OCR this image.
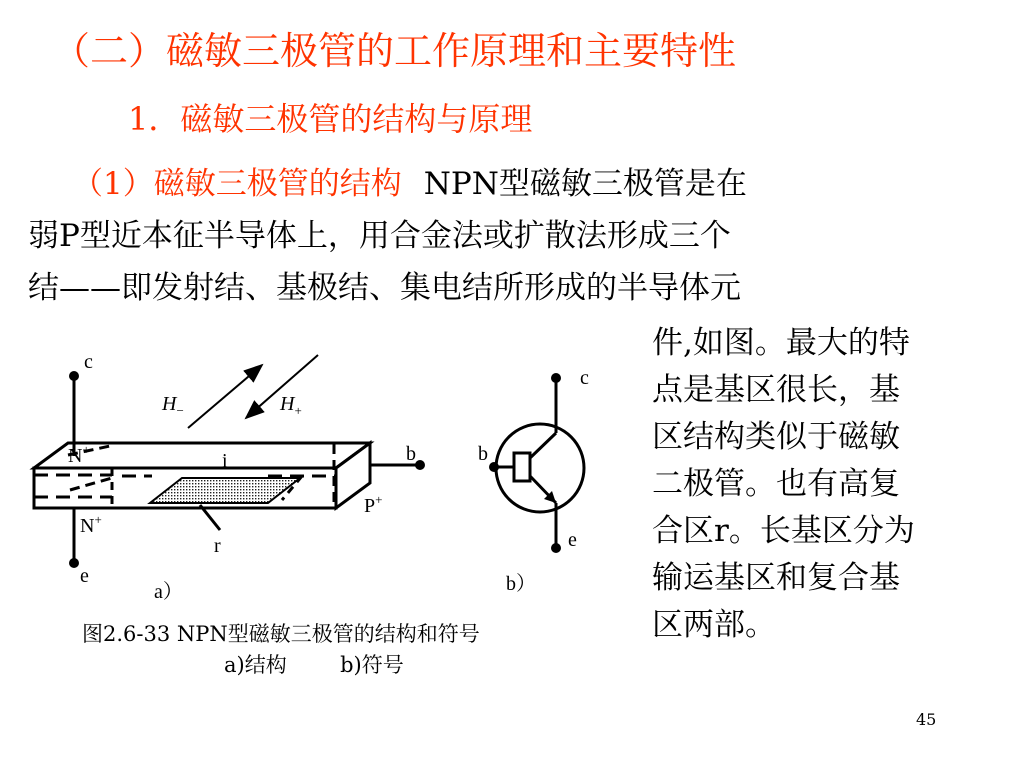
（二）磁敏三极管的工作原理和主要特性
1．磁敏三极管的结构与原理
（1）磁敏三极管的结构 NPN型磁敏三极管是在
弱P型近本征半导体上，用合金法或扩散法形成三个
结——即发射结、基极结、集电结所形成的半导体元
件,如图。最大的特
点是基区很长，基
区结构类似于磁敏
二极管。也有高复
合区r。长基区分为
输运基区和复合基
区两部。
c
e
b
i
r
N+
N+
P+
$H_-$	$H_+$
a）
c
b
e
b）
图2.6-33 NPN型磁敏三极管的结构和符号
a)结构        b)符号
45
